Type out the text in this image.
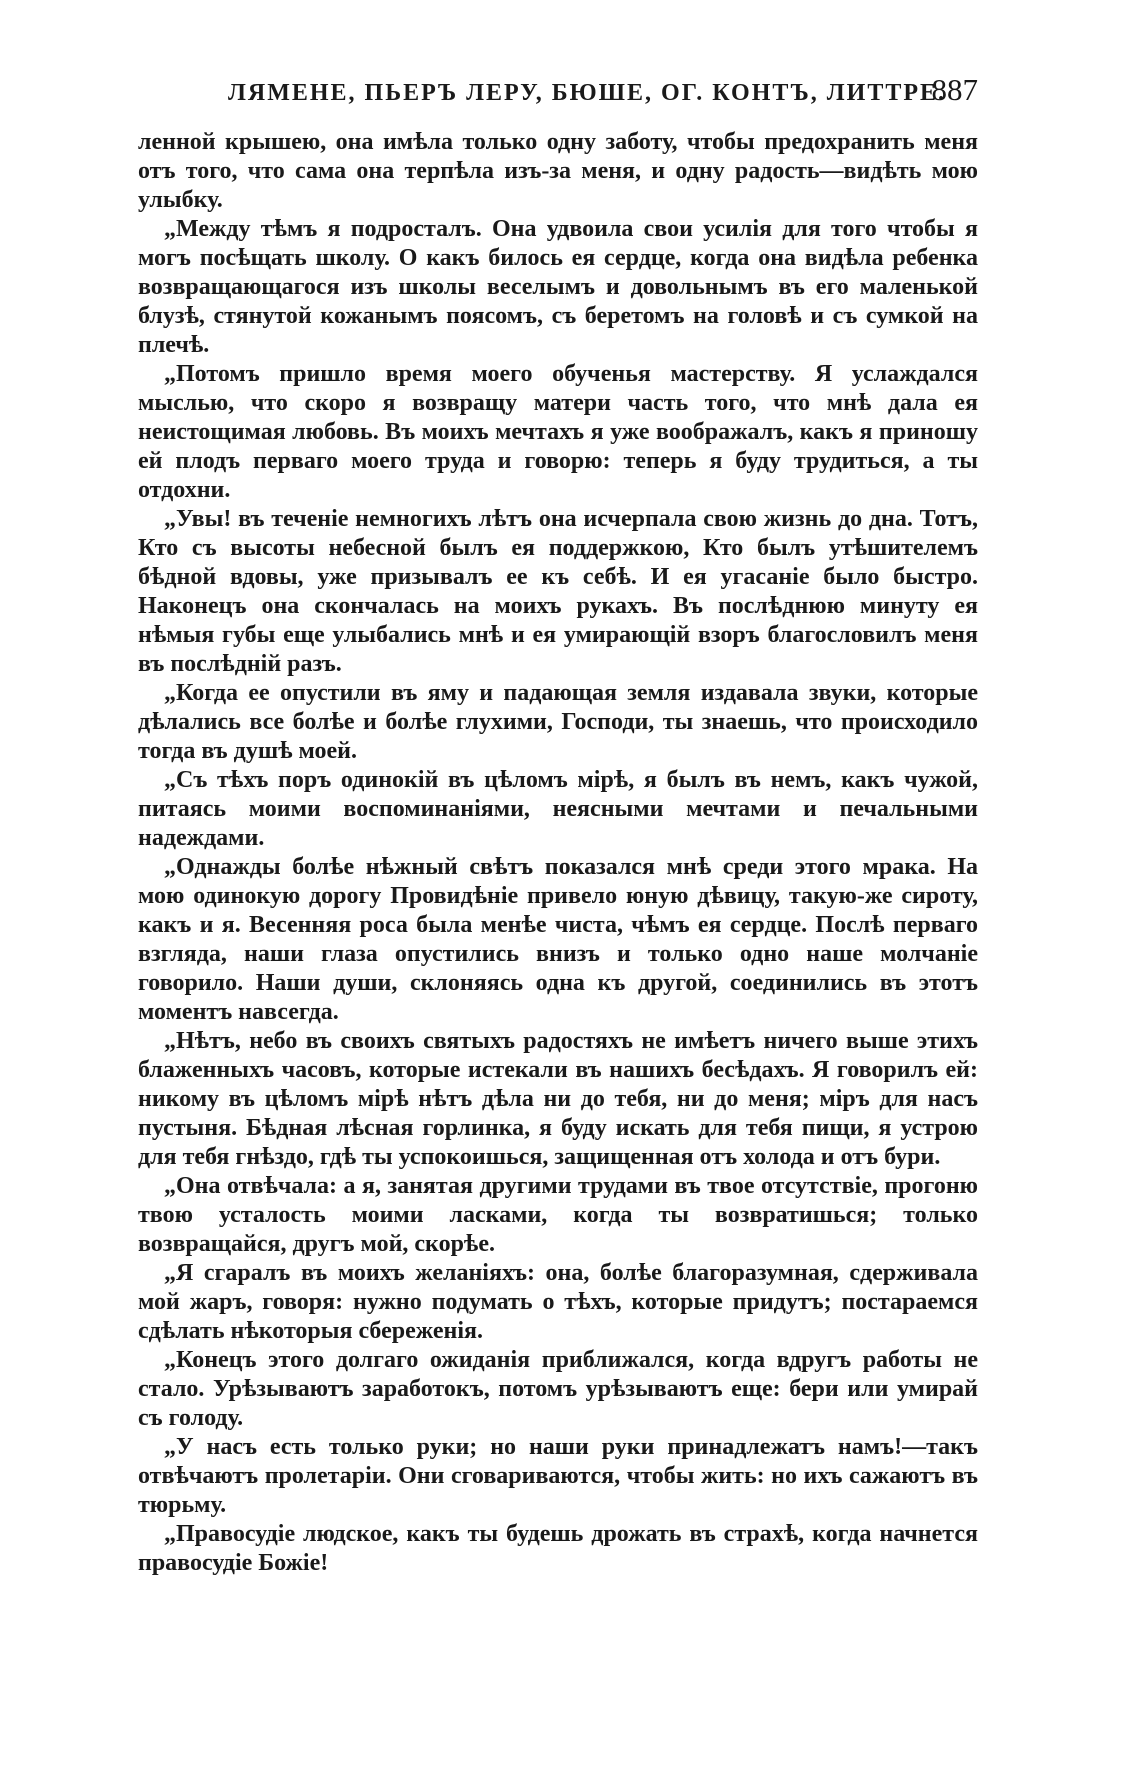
ЛЯМЕНЕ, ПЬЕРЪ ЛЕРУ, БЮШЕ, ОГ. КОНТЪ, ЛИТТРЕ.
887

ленной крышею, она имѣла только одну заботу, чтобы предохранить меня отъ того, что сама она терпѣла изъ-за меня, и одну радость—видѣть мою улыбку.

„Между тѣмъ я подросталъ. Она удвоила свои усилія для того чтобы я могъ посѣщать школу. О какъ билось ея сердце, когда она видѣла ребенка возвращающагося изъ школы веселымъ и довольнымъ въ его маленькой блузѣ, стянутой кожанымъ поясомъ, съ беретомъ на головѣ и съ сумкой на плечѣ.

„Потомъ пришло время моего обученья мастерству. Я услаждался мыслью, что скоро я возвращу матери часть того, что мнѣ дала ея неистощимая любовь. Въ моихъ мечтахъ я уже воображалъ, какъ я приношу ей плодъ перваго моего труда и говорю: теперь я буду трудиться, а ты отдохни.

„Увы! въ теченіе немногихъ лѣтъ она исчерпала свою жизнь до дна. Тотъ, Кто съ высоты небесной былъ ея поддержкою, Кто былъ утѣшителемъ бѣдной вдовы, уже призывалъ ее къ себѣ. И ея угасаніе было быстро. Наконецъ она скончалась на моихъ рукахъ. Въ послѣднюю минуту ея нѣмыя губы еще улыбались мнѣ и ея умирающій взоръ благословилъ меня въ послѣдній разъ.

„Когда ее опустили въ яму и падающая земля издавала звуки, которые дѣлались все болѣе и болѣе глухими, Господи, ты знаешь, что происходило тогда въ душѣ моей.

„Съ тѣхъ поръ одинокій въ цѣломъ мірѣ, я былъ въ немъ, какъ чужой, питаясь моими воспоминаніями, неясными мечтами и печальными надеждами.

„Однажды болѣе нѣжный свѣтъ показался мнѣ среди этого мрака. На мою одинокую дорогу Провидѣніе привело юную дѣвицу, такую-же сироту, какъ и я. Весенняя роса была менѣе чиста, чѣмъ ея сердце. Послѣ перваго взгляда, наши глаза опустились внизъ и только одно наше молчаніе говорило. Наши души, склоняясь одна къ другой, соединились въ этотъ моментъ навсегда.

„Нѣтъ, небо въ своихъ святыхъ радостяхъ не имѣетъ ничего выше этихъ блаженныхъ часовъ, которые истекали въ нашихъ бесѣдахъ. Я говорилъ ей: никому въ цѣломъ мірѣ нѣтъ дѣла ни до тебя, ни до меня; міръ для насъ пустыня. Бѣдная лѣсная горлинка, я буду искать для тебя пищи, я устрою для тебя гнѣздо, гдѣ ты успокоишься, защищенная отъ холода и отъ бури.

„Она отвѣчала: а я, занятая другими трудами въ твое отсутствіе, прогоню твою усталость моими ласками, когда ты возвратишься; только возвращайся, другъ мой, скорѣе.

„Я сгаралъ въ моихъ желаніяхъ: она, болѣе благоразумная, сдерживала мой жаръ, говоря: нужно подумать о тѣхъ, которые придутъ; постараемся сдѣлать нѣкоторыя сбереженія.

„Конецъ этого долгаго ожиданія приближался, когда вдругъ работы не стало. Урѣзываютъ заработокъ, потомъ урѣзываютъ еще: бери или умирай съ голоду.

„У насъ есть только руки; но наши руки принадлежатъ намъ!—такъ отвѣчаютъ пролетаріи. Они сговариваются, чтобы жить: но ихъ сажаютъ въ тюрьму.

„Правосудіе людское, какъ ты будешь дрожать въ страхѣ, когда начнется правосудіе Божіе!
